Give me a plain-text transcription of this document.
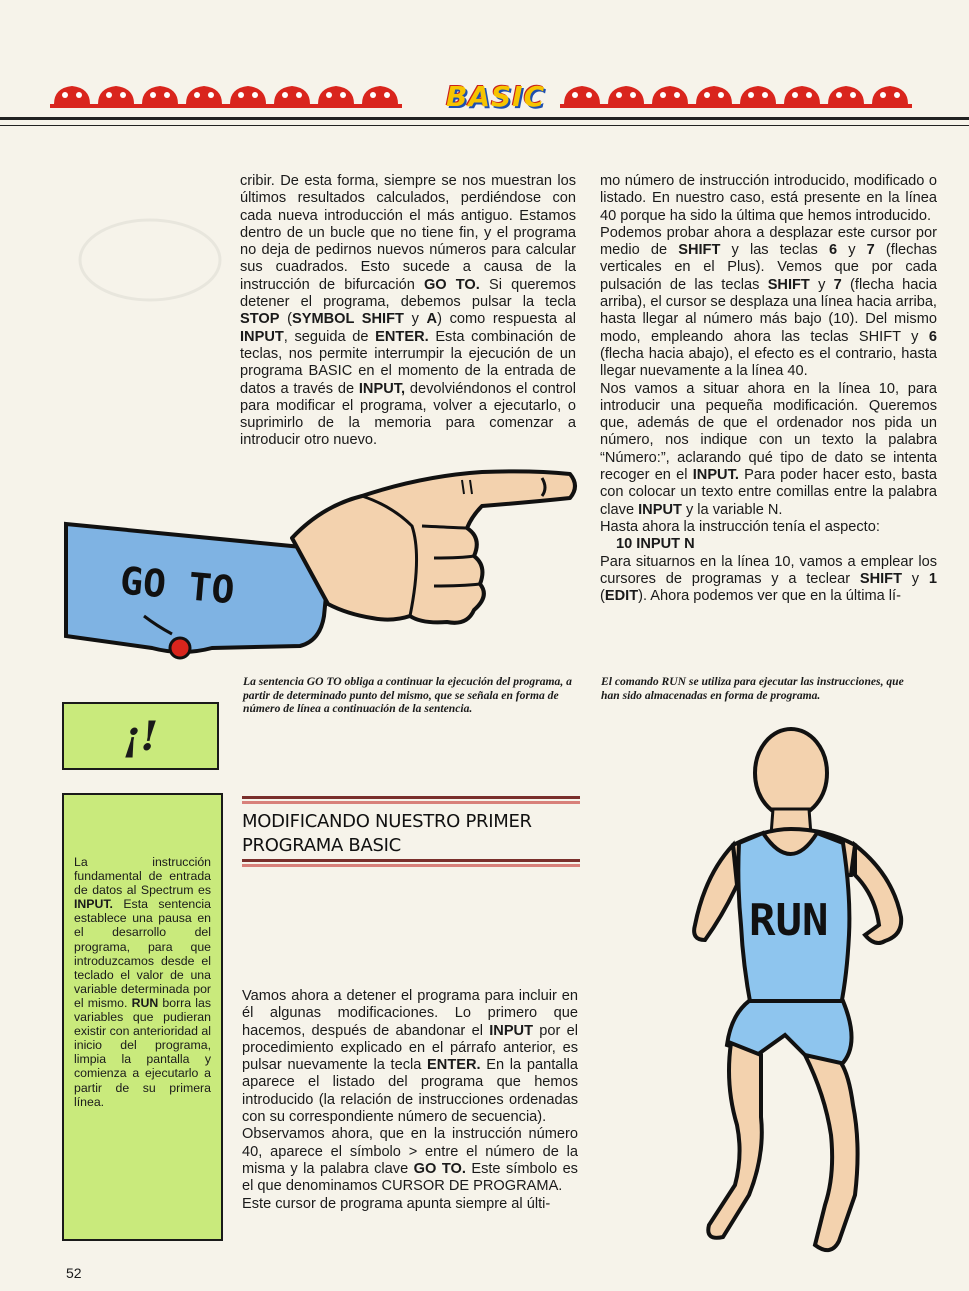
BASIC

cribir. De esta forma, siempre se nos muestran los últimos resultados calculados, perdiéndose con cada nueva introducción el más antiguo. Estamos dentro de un bucle que no tiene fin, y el programa no deja de pedirnos nuevos números para calcular sus cuadrados. Esto sucede a causa de la instrucción de bifurcación GO TO. Si queremos detener el programa, debemos pulsar la tecla STOP (SYMBOL SHIFT y A) como respuesta al INPUT, seguida de ENTER. Esta combinación de teclas, nos permite interrumpir la ejecución de un programa BASIC en el momento de la entrada de datos a través de INPUT, devolviéndonos el control para modificar el programa, volver a ejecutarlo, o suprimirlo de la memoria para comenzar a introducir otro nuevo.

GO TO
La sentencia GO TO obliga a continuar la ejecución del programa, a partir de determinado punto del mismo, que se señala en forma de número de línea a continuación de la sentencia.
¡!
La instrucción fundamental de entrada de datos al Spectrum es INPUT. Esta sentencia establece una pausa en el desarrollo del programa, para que introduzcamos desde el teclado el valor de una variable determinada por el mismo. RUN borra las variables que pudieran existir con anterioridad al inicio del programa, limpia la pantalla y comienza a ejecutarlo a partir de su primera línea.
MODIFICANDO NUESTRO PRIMER
PROGRAMA BASIC

Vamos ahora a detener el programa para incluir en él algunas modificaciones. Lo primero que hacemos, después de abandonar el INPUT por el procedimiento explicado en el párrafo anterior, es pulsar nuevamente la tecla ENTER. En la pantalla aparece el listado del programa que hemos introducido (la relación de instrucciones ordenadas con su correspondiente número de secuencia).

Observamos ahora, que en la instrucción número 40, aparece el símbolo > entre el número de la misma y la palabra clave GO TO. Este símbolo es el que denominamos CURSOR DE PROGRAMA.

Este cursor de programa apunta siempre al últi-

mo número de instrucción introducido, modificado o listado. En nuestro caso, está presente en la línea 40 porque ha sido la última que hemos introducido.

Podemos probar ahora a desplazar este cursor por medio de SHIFT y las teclas 6 y 7 (flechas verticales en el Plus). Vemos que por cada pulsación de las teclas SHIFT y 7 (flecha hacia arriba), el cursor se desplaza una línea hacia arriba, hasta llegar al número más bajo (10). Del mismo modo, empleando ahora las teclas SHIFT y 6 (flecha hacia abajo), el efecto es el contrario, hasta llegar nuevamente a la línea 40.

Nos vamos a situar ahora en la línea 10, para introducir una pequeña modificación. Queremos que, además de que el ordenador nos pida un número, nos indique con un texto la palabra “Número:”, aclarando qué tipo de dato se intenta recoger en el INPUT. Para poder hacer esto, basta con colocar un texto entre comillas entre la palabra clave INPUT y la variable N.

Hasta ahora la instrucción tenía el aspecto:

10 INPUT N

Para situarnos en la línea 10, vamos a emplear los cursores de programas y a teclear SHIFT y 1 (EDIT). Ahora podemos ver que en la última lí-

El comando RUN se utiliza para ejecutar las instrucciones, que han sido almacenadas en forma de programa.
RUN
52
